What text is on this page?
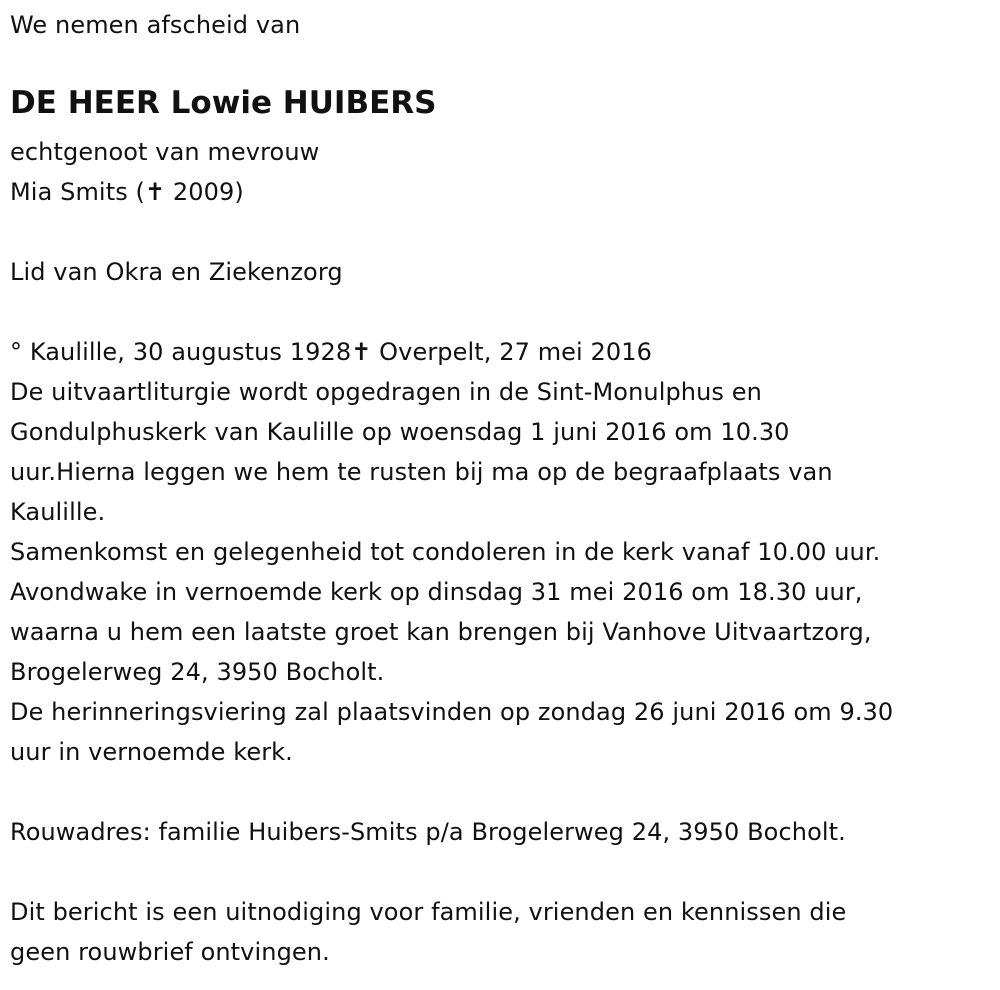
We nemen afscheid van
DE HEER Lowie HUIBERS
echtgenoot van mevrouw
Mia Smits (✝ 2009)
Lid van Okra en Ziekenzorg
° Kaulille, 30 augustus 1928✝ Overpelt, 27 mei 2016
De uitvaartliturgie wordt opgedragen in de Sint-Monulphus en
Gondulphuskerk van Kaulille op woensdag 1 juni 2016 om 10.30
uur.Hierna leggen we hem te rusten bij ma op de begraafplaats van
Kaulille.
Samenkomst en gelegenheid tot condoleren in de kerk vanaf 10.00 uur.
Avondwake in vernoemde kerk op dinsdag 31 mei 2016 om 18.30 uur,
waarna u hem een laatste groet kan brengen bij Vanhove Uitvaartzorg,
Brogelerweg 24, 3950 Bocholt.
De herinneringsviering zal plaatsvinden op zondag 26 juni 2016 om 9.30
uur in vernoemde kerk.
Rouwadres: familie Huibers-Smits p/a Brogelerweg 24, 3950 Bocholt.
Dit bericht is een uitnodiging voor familie, vrienden en kennissen die
geen rouwbrief ontvingen.
